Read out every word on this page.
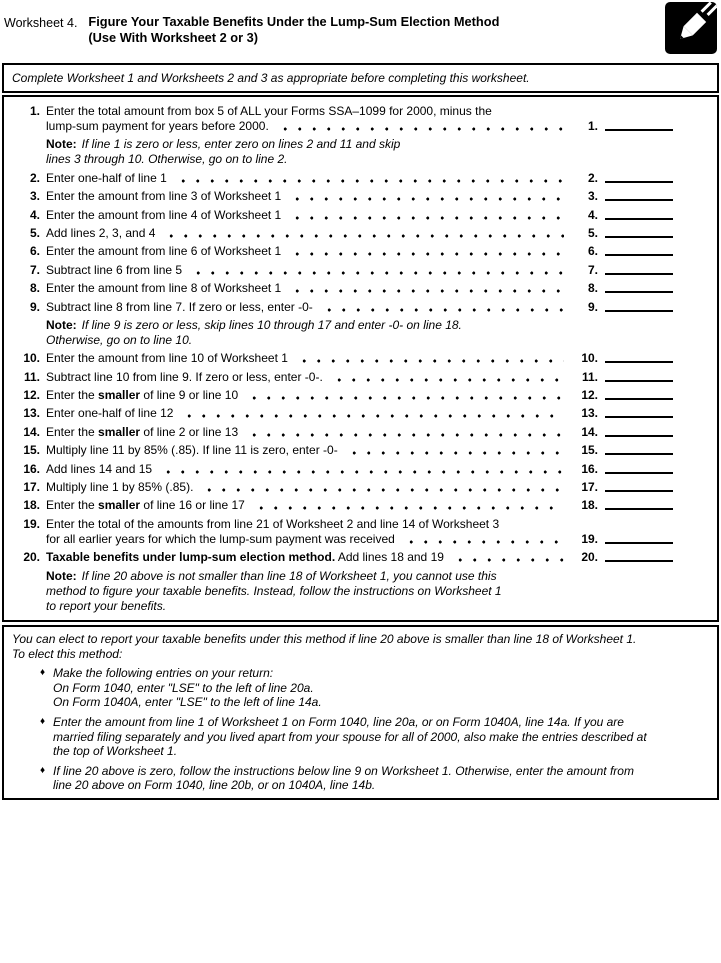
Worksheet 4. Figure Your Taxable Benefits Under the Lump-Sum Election Method
(Use With Worksheet 2 or 3)

Complete Worksheet 1 and Worksheets 2 and 3 as appropriate before completing this worksheet.

1. Enter the total amount from box 5 of ALL your Forms SSA–1099 for 2000, minus the
lump-sum payment for years before 2000.	1.
Note: If line 1 is zero or less, enter zero on lines 2 and 11 and skip
lines 3 through 10. Otherwise, go on to line 2.
2. Enter one-half of line 1	2.
3. Enter the amount from line 3 of Worksheet 1	3.
4. Enter the amount from line 4 of Worksheet 1	4.
5. Add lines 2, 3, and 4	5.
6. Enter the amount from line 6 of Worksheet 1	6.
7. Subtract line 6 from line 5	7.
8. Enter the amount from line 8 of Worksheet 1	8.
9. Subtract line 8 from line 7. If zero or less, enter -0-	9.
Note: If line 9 is zero or less, skip lines 10 through 17 and enter -0- on line 18.
Otherwise, go on to line 10.
10. Enter the amount from line 10 of Worksheet 1	10.
11. Subtract line 10 from line 9. If zero or less, enter -0-.	11.
12. Enter the smaller of line 9 or line 10	12.
13. Enter one-half of line 12	13.
14. Enter the smaller of line 2 or line 13	14.
15. Multiply line 11 by 85% (.85). If line 11 is zero, enter -0-	15.
16. Add lines 14 and 15	16.
17. Multiply line 1 by 85% (.85).	17.
18. Enter the smaller of line 16 or line 17	18.
19. Enter the total of the amounts from line 21 of Worksheet 2 and line 14 of Worksheet 3
for all earlier years for which the lump-sum payment was received	19.
20. Taxable benefits under lump-sum election method. Add lines 18 and 19	20.
Note: If line 20 above is not smaller than line 18 of Worksheet 1, you cannot use this
method to figure your taxable benefits. Instead, follow the instructions on Worksheet 1
to report your benefits.
You can elect to report your taxable benefits under this method if line 20 above is smaller than line 18 of Worksheet 1.
To elect this method:
♦ Make the following entries on your return:
On Form 1040, enter "LSE" to the left of line 20a.
On Form 1040A, enter "LSE" to the left of line 14a.
♦ Enter the amount from line 1 of Worksheet 1 on Form 1040, line 20a, or on Form 1040A, line 14a. If you are
married filing separately and you lived apart from your spouse for all of 2000, also make the entries described at
the top of Worksheet 1.
♦ If line 20 above is zero, follow the instructions below line 9 on Worksheet 1. Otherwise, enter the amount from
line 20 above on Form 1040, line 20b, or on 1040A, line 14b.
